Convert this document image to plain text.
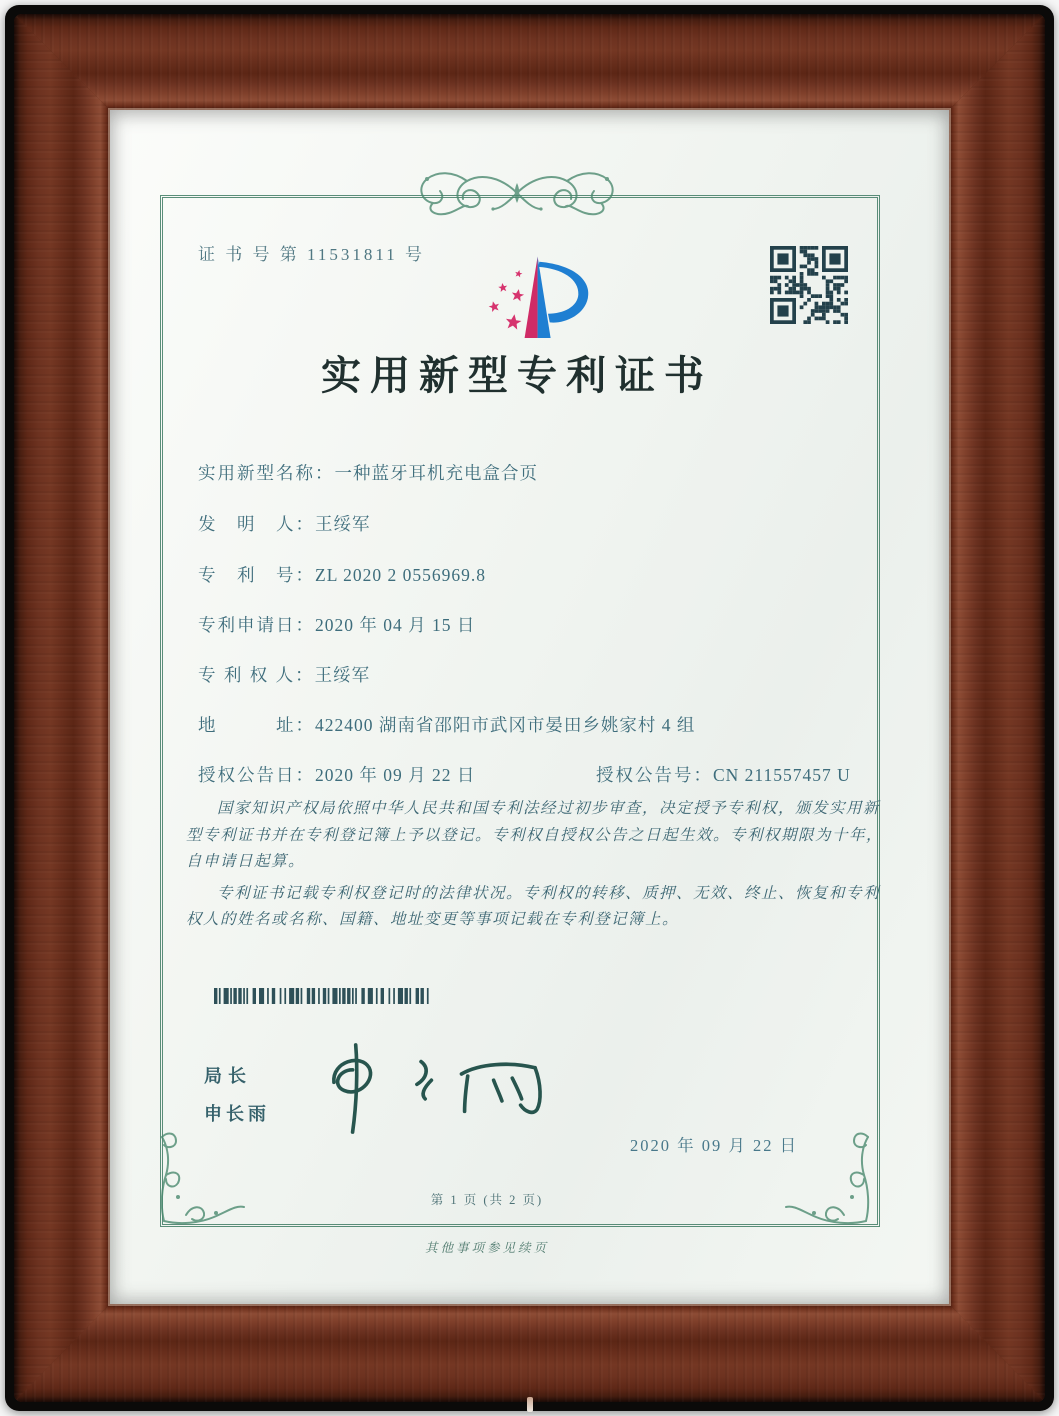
证 书 号 第 11531811 号
实用新型专利证书
实用新型名称：一种蓝牙耳机充电盒合页
发　明　人：王绥军
专　利　号：ZL 2020 2 0556969.8
专利申请日：2020 年 04 月 15 日
专 利 权 人：王绥军
地　　　址：422400 湖南省邵阳市武冈市晏田乡姚家村 4 组
授权公告日：2020 年 09 月 22 日	授权公告号：CN 211557457 U

国家知识产权局依照中华人民共和国专利法经过初步审查，决定授予专利权，颁发实用新型专利证书并在专利登记簿上予以登记。专利权自授权公告之日起生效。专利权期限为十年，自申请日起算。

专利证书记载专利权登记时的法律状况。专利权的转移、质押、无效、终止、恢复和专利权人的姓名或名称、国籍、地址变更等事项记载在专利登记簿上。

局长
申长雨
2020 年 09 月 22 日
第 1 页 (共 2 页)
其他事项参见续页
